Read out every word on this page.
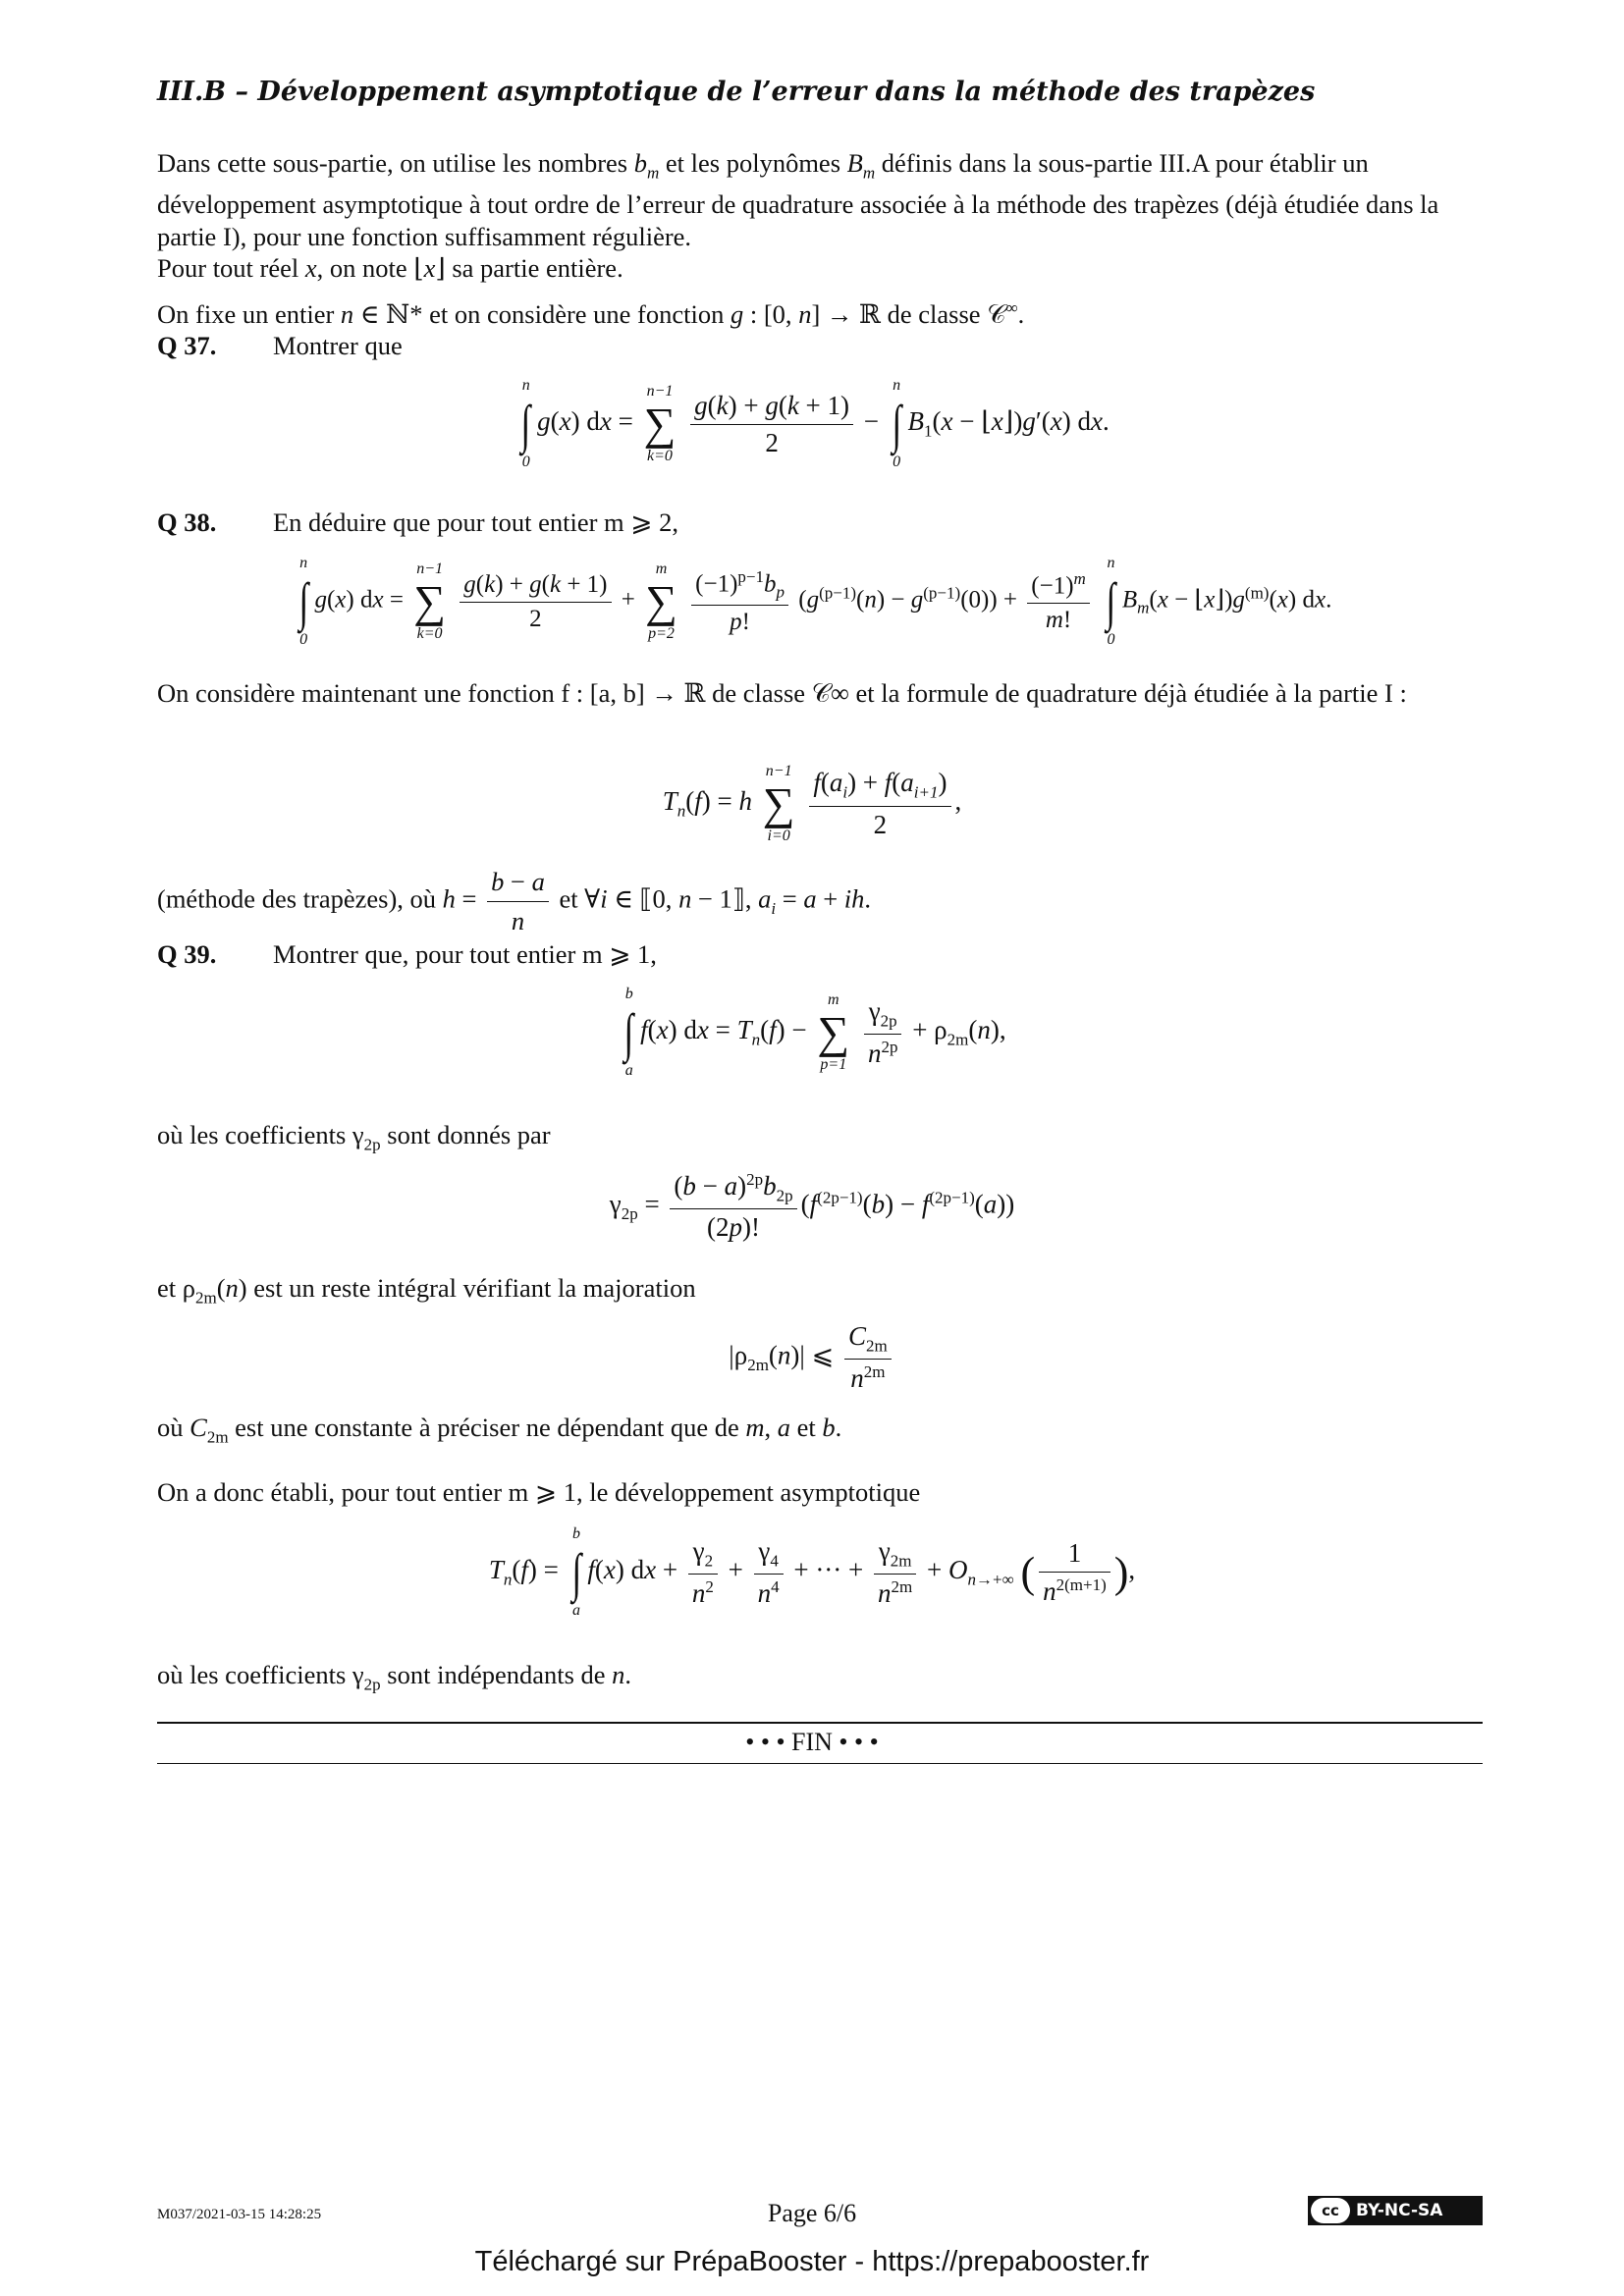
III.B – Développement asymptotique de l’erreur dans la méthode des trapèzes
Dans cette sous-partie, on utilise les nombres $b_m$ et les polynômes $B_m$ définis dans la sous-partie III.A pour établir un développement asymptotique à tout ordre de l’erreur de quadrature associée à la méthode des trapèzes (déjà étudiée dans la partie I), pour une fonction suffisamment régulière.
Pour tout réel x, on note ⌊x⌋ sa partie entière.
On fixe un entier n ∈ ℕ* et on considère une fonction g : [0, n] → ℝ de classe 𝒞∞.
Q 37. Montrer que
n
∫
0
g(x) dx =
n−1
∑
k=0
$\frac{g(k) + g(k + 1)}{2}$ −
n
∫
0
$B_1(x$ − ⌊x⌋)g′(x) dx.
Q 38. En déduire que pour tout entier m ⩾ 2,
n
∫
0
g(x) dx =
n−1
∑
k=0

$\frac{g(k) + g(k + 1)}{2}$ +
m
∑
p=2
$\frac{(-1)^{p-1}b_p}{p!} (g^{(p-1)}(n) - g^{(p-1)}(0)) + \frac{(-1)^m}{m!}$

n
∫
0
$B_m(x$ − $⌊x⌋)g^{(m)}(x)$ dx.
On considère maintenant une fonction f : [a, b] → ℝ de classe 𝒞∞ et la formule de quadrature déjà étudiée à la partie I :
$T_n(f) = h$
n−1
∑
i=0
$\frac{f(a_i) + f(a_{i+1})}{2}$ ,
(méthode des trapèzes), où $h = \frac{b - a}{n}$ et ∀i ∈ ⟦0, n − 1⟧, $a_i = a$ + ih.
Q 39. Montrer que, pour tout entier m ⩾ 1,
b
∫
a
f(x) dx = $T_n(f)$ −
m
∑
p=1
$\frac{\gamma_{2p}}{n^{2p}} + \rho_{2m}(n)$,
où les coefficients $\gamma_{2p}$ sont donnés par
$\gamma_{2p} = \frac{(b - a)^{2p}b_{2p}}{(2p)!} (f^{(2p-1)}(b) - f^{(2p-1)}(a))$
et $\rho_{2m}(n)$ est un reste intégral vérifiant la majoration
$|\rho_{2m}(n)|$ ⩽ $\frac{C_{2m}}{n^{2m}}$
où $C_{2m}$ est une constante à préciser ne dépendant que de m, a et b.
On a donc établi, pour tout entier m ⩾ 1, le développement asymptotique
$T_n(f)$ =
b
∫
a
f(x) dx + $\frac{\gamma_2}{n^2} + \frac{\gamma_4}{n^4}$ + ··· + $\frac{\gamma_{2m}}{n^{2m}} + O_{n\to+\infty}$ ( $\frac{1}{n^{2(m+1)}}$ ),
où les coefficients $\gamma_{2p}$ sont indépendants de n.
• • • FIN • • •
M037/2021-03-15 14:28:25	Page 6/6	cc	BY-NC-SA
Téléchargé sur PrépaBooster - https://prepabooster.fr
